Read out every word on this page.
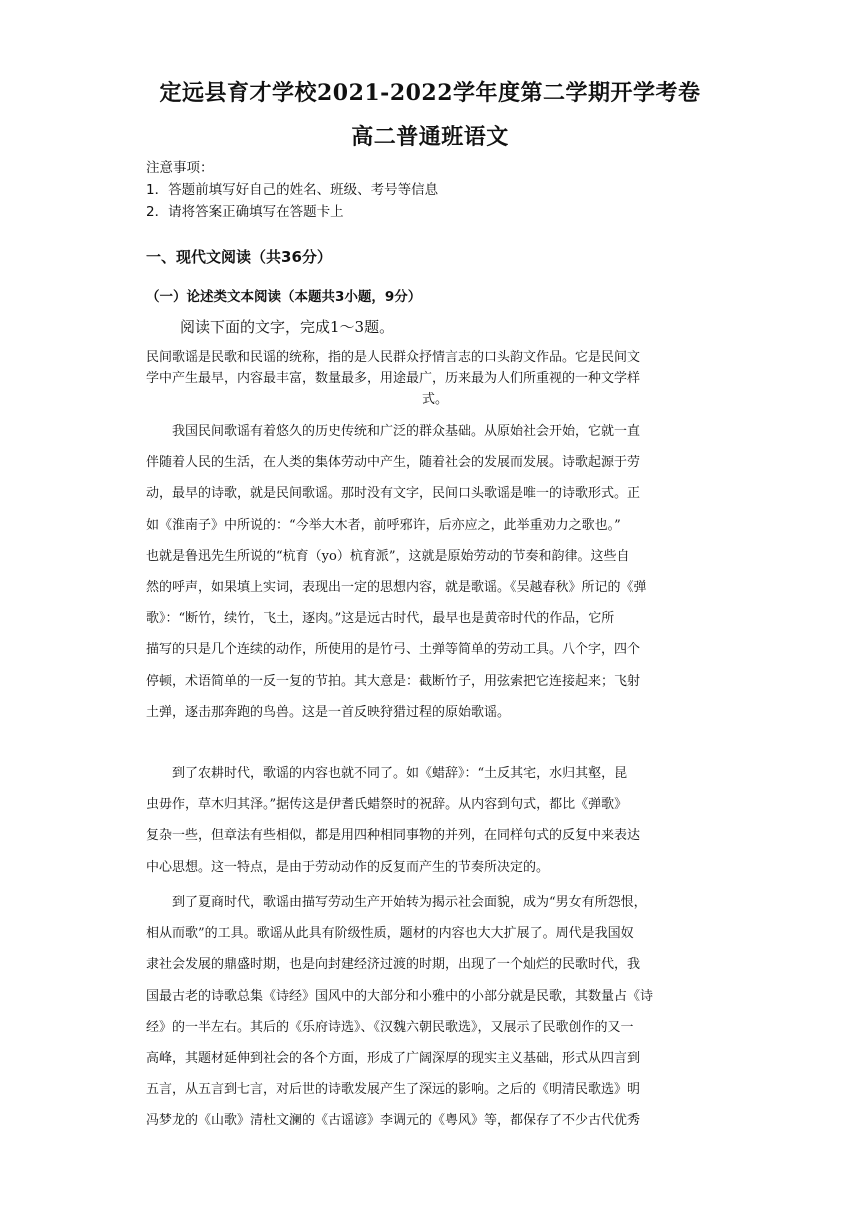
定远县育才学校2021-2022学年度第二学期开学考卷
高二普通班语文
注意事项：
1．答题前填写好自己的姓名、班级、考号等信息
2．请将答案正确填写在答题卡上
一、现代文阅读（共36分）
（一）论述类文本阅读（本题共3小题，9分）
阅读下面的文字，完成1～3题。
民间歌谣是民歌和民谣的统称，指的是人民群众抒情言志的口头韵文作品。它是民间文
学中产生最早，内容最丰富，数量最多，用途最广，历来最为人们所重视的一种文学样
式。
　　我国民间歌谣有着悠久的历史传统和广泛的群众基础。从原始社会开始，它就一直
伴随着人民的生活，在人类的集体劳动中产生，随着社会的发展而发展。诗歌起源于劳
动，最早的诗歌，就是民间歌谣。那时没有文字，民间口头歌谣是唯一的诗歌形式。正
如《淮南子》中所说的：“今举大木者，前呼邪许，后亦应之，此举重劝力之歌也。”
也就是鲁迅先生所说的“杭育（yo）杭育派”，这就是原始劳动的节奏和韵律。这些自
然的呼声，如果填上实词，表现出一定的思想内容，就是歌谣。《吴越春秋》所记的《弹
歌》：“断竹，续竹，飞土，逐肉。”这是远古时代，最早也是黄帝时代的作品，它所
描写的只是几个连续的动作，所使用的是竹弓、土弹等简单的劳动工具。八个字，四个
停顿，术语简单的一反一复的节拍。其大意是：截断竹子，用弦索把它连接起来；飞射
土弹，逐击那奔跑的鸟兽。这是一首反映狩猎过程的原始歌谣。
　　到了农耕时代，歌谣的内容也就不同了。如《蜡辞》：“土反其宅，水归其壑，昆
虫毋作，草木归其泽。”据传这是伊耆氏蜡祭时的祝辞。从内容到句式，都比《弹歌》
复杂一些，但章法有些相似，都是用四种相同事物的并列，在同样句式的反复中来表达
中心思想。这一特点，是由于劳动动作的反复而产生的节奏所决定的。
　　到了夏商时代，歌谣由描写劳动生产开始转为揭示社会面貌，成为“男女有所怨恨，
相从而歌”的工具。歌谣从此具有阶级性质，题材的内容也大大扩展了。周代是我国奴
隶社会发展的鼎盛时期，也是向封建经济过渡的时期，出现了一个灿烂的民歌时代，我
国最古老的诗歌总集《诗经》国风中的大部分和小雅中的小部分就是民歌，其数量占《诗
经》的一半左右。其后的《乐府诗选》、《汉魏六朝民歌选》，又展示了民歌创作的又一
高峰，其题材延伸到社会的各个方面，形成了广阔深厚的现实主义基础，形式从四言到
五言，从五言到七言，对后世的诗歌发展产生了深远的影响。之后的《明清民歌选》明
冯梦龙的《山歌》清杜文澜的《古谣谚》李调元的《粤风》等，都保存了不少古代优秀
